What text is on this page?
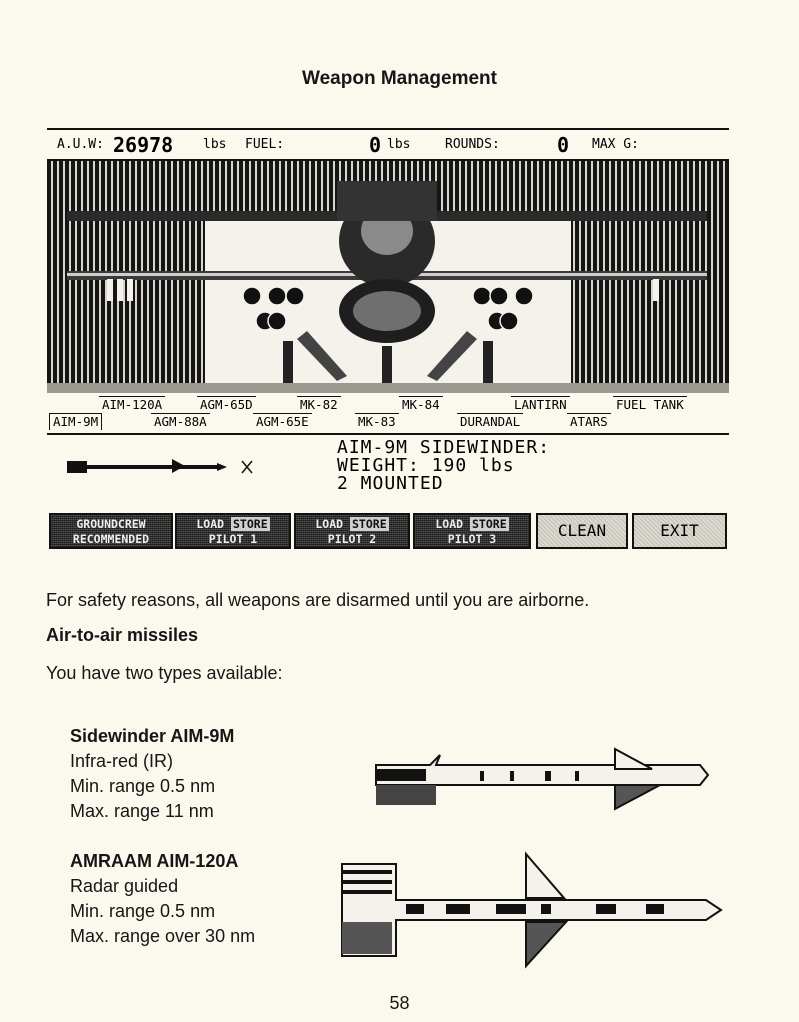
Weapon Management
A.U.W: 26978 lbs FUEL:	0 lbs	ROUNDS:	0 MAX G:
AIM-120A	AGM-65D	MK-82	MK-84	LANTIRN	FUEL TANK
AIM-9M	AGM-88A	AGM-65E	MK-83	DURANDAL	ATARS
AIM-9M SIDEWINDER:
WEIGHT: 190 lbs
2 MOUNTED
GROUNDCREW
RECOMMENDED
LOAD STORE
PILOT 1
LOAD STORE
PILOT 2
LOAD STORE
PILOT 3	CLEAN	EXIT
For safety reasons, all weapons are disarmed until you are airborne.
Air-to-air missiles
You have two types available:
Sidewinder AIM-9M
Infra-red (IR)
Min. range 0.5 nm
Max. range 11 nm
AMRAAM AIM-120A
Radar guided
Min. range 0.5 nm
Max. range over 30 nm
58
